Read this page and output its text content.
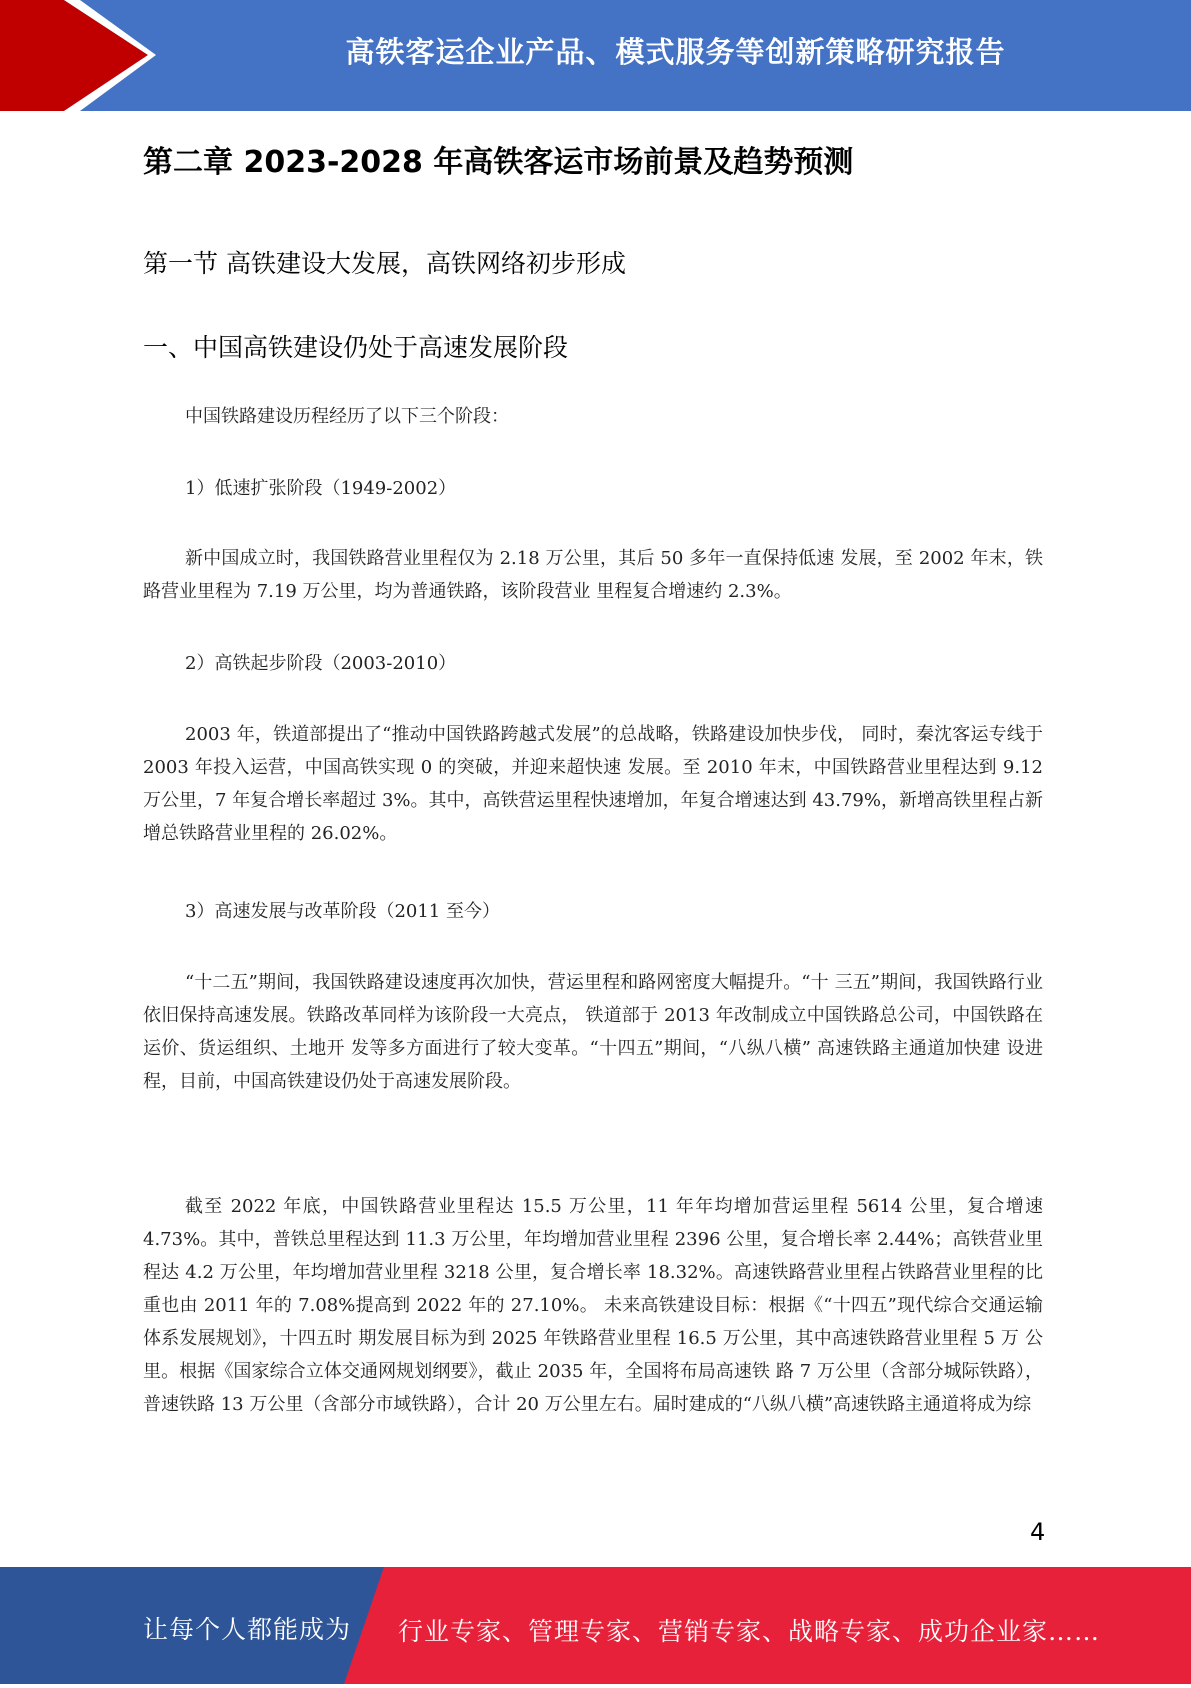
高铁客运企业产品、模式服务等创新策略研究报告
第二章 2023-2028 年高铁客运市场前景及趋势预测
第一节 高铁建设大发展，高铁网络初步形成
一、中国高铁建设仍处于高速发展阶段

中国铁路建设历程经历了以下三个阶段：

1）低速扩张阶段（1949-2002）

新中国成立时，我国铁路营业里程仅为 2.18 万公里，其后 50 多年一直保持低速 发展，至 2002 年末，铁路营业里程为 7.19 万公里，均为普通铁路，该阶段营业 里程复合增速约 2.3%。

2）高铁起步阶段（2003-2010）

2003 年，铁道部提出了“推动中国铁路跨越式发展”的总战略，铁路建设加快步伐， 同时，秦沈客运专线于 2003 年投入运营，中国高铁实现 0 的突破，并迎来超快速 发展。至 2010 年末，中国铁路营业里程达到 9.12 万公里，7 年复合增长率超过 3%。其中，高铁营运里程快速增加，年复合增速达到 43.79%，新增高铁里程占新 增总铁路营业里程的 26.02%。

3）高速发展与改革阶段（2011 至今）

“十二五”期间，我国铁路建设速度再次加快，营运里程和路网密度大幅提升。“十 三五”期间，我国铁路行业依旧保持高速发展。铁路改革同样为该阶段一大亮点， 铁道部于 2013 年改制成立中国铁路总公司，中国铁路在运价、货运组织、土地开 发等多方面进行了较大变革。“十四五”期间，“八纵八横” 高速铁路主通道加快建 设进程，目前，中国高铁建设仍处于高速发展阶段。

截至 2022 年底，中国铁路营业里程达 15.5 万公里，11 年年均增加营运里程 5614 公里，复合增速 4.73%。其中，普铁总里程达到 11.3 万公里，年均增加营业里程 2396 公里，复合增长率 2.44%；高铁营业里程达 4.2 万公里，年均增加营业里程 3218 公里，复合增长率 18.32%。高速铁路营业里程占铁路营业里程的比重也由 2011 年的 7.08%提高到 2022 年的 27.10%。 未来高铁建设目标：根据《“十四五”现代综合交通运输体系发展规划》，十四五时 期发展目标为到 2025 年铁路营业里程 16.5 万公里，其中高速铁路营业里程 5 万 公里。根据《国家综合立体交通网规划纲要》，截止 2035 年，全国将布局高速铁 路 7 万公里（含部分城际铁路），普速铁路 13 万公里（含部分市域铁路），合计 20 万公里左右。届时建成的“八纵八横”高速铁路主通道将成为综

4
让每个人都能成为 行业专家、管理专家、营销专家、战略专家、成功企业家……
